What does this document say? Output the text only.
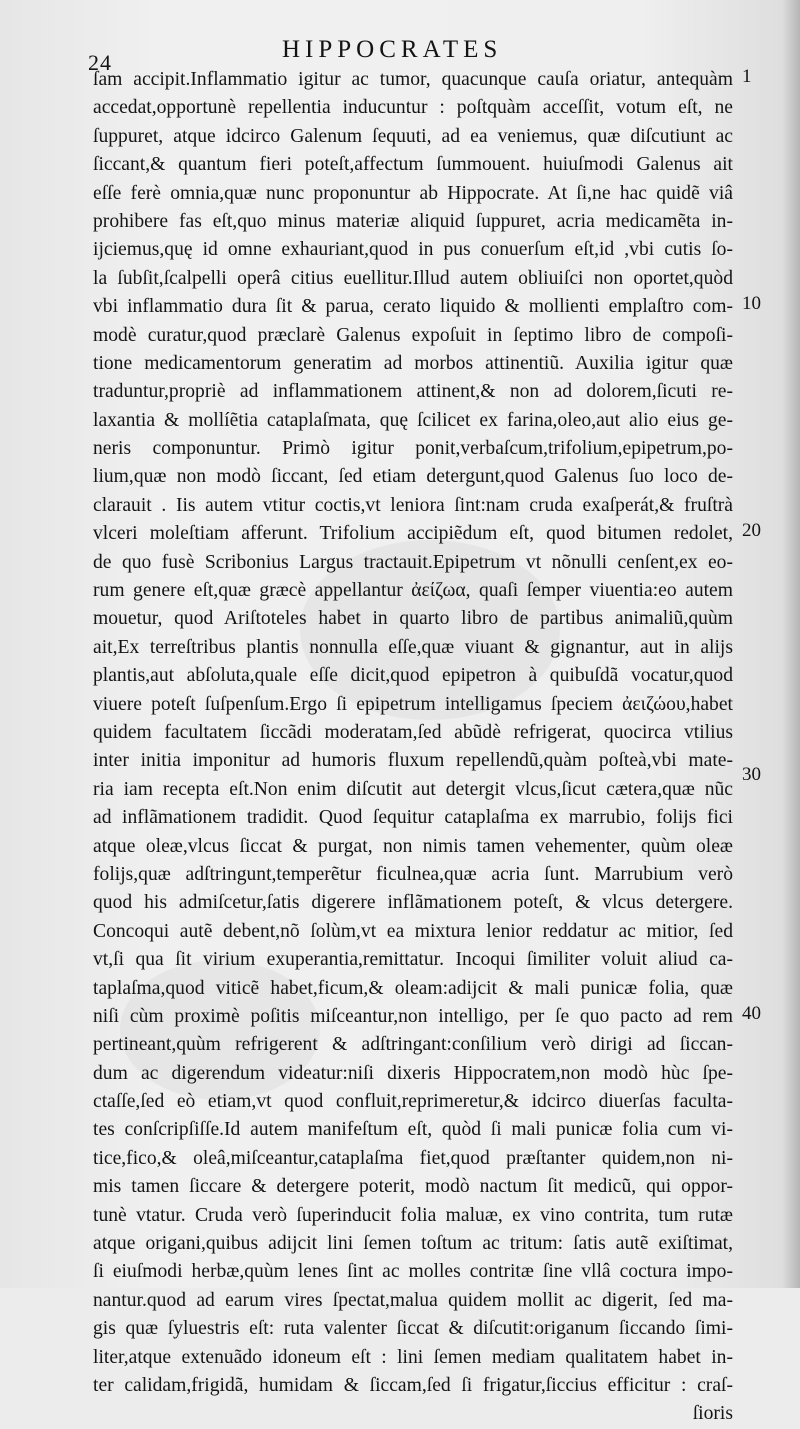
24	HIPPOCRATES
ſam accipit.Inflammatio igitur ac tumor, quacunque cauſa oriatur, antequàm
accedat,opportunè repellentia inducuntur : poſtquàm acceſſit, votum eſt, ne
ſuppuret, atque idcirco Galenum ſequuti, ad ea veniemus, quæ diſcutiunt ac
ſiccant,& quantum fieri poteſt,affectum ſummouent. huiuſmodi Galenus ait
eſſe ferè omnia,quæ nunc proponuntur ab Hippocrate. At ſi,ne hac quidẽ viâ
prohibere fas eſt,quo minus materiæ aliquid ſuppuret, acria medicamẽta in-
ijciemus,quę id omne exhauriant,quod in pus conuerſum eſt,id ,vbi cutis ſo-
la ſubſit,ſcalpelli operâ citius euellitur.Illud autem obliuiſci non oportet,quòd
vbi inflammatio dura ſit & parua, cerato liquido & mollienti emplaſtro com-
modè curatur,quod præclarè Galenus expoſuit in ſeptimo libro de compoſi-
tione medicamentorum generatim ad morbos attinentiũ. Auxilia igitur quæ
traduntur,propriè ad inflammationem attinent,& non ad dolorem,ſicuti re-
laxantia & mollíẽtia cataplaſmata, quę ſcilicet ex farina,oleo,aut alio eius ge-
neris componuntur. Primò igitur ponit,verbaſcum,trifolium,epipetrum,po-
lium,quæ non modò ſiccant, ſed etiam detergunt,quod Galenus ſuo loco de-
clarauit . Iis autem vtitur coctis,vt leniora ſint:nam cruda exaſperát,& fruſtrà
vlceri moleſtiam afferunt. Trifolium accipiẽdum eſt, quod bitumen redolet,
de quo fusè Scribonius Largus tractauit.Epipetrum vt nõnulli cenſent,ex eo-
rum genere eſt,quæ græcè appellantur ἀείζωα, quaſi ſemper viuentia:eo autem
mouetur, quod Ariſtoteles habet in quarto libro de partibus animaliũ,quùm
ait,Ex terreſtribus plantis nonnulla eſſe,quæ viuant & gignantur, aut in alijs
plantis,aut abſoluta,quale eſſe dicit,quod epipetron à quibuſdã vocatur,quod
viuere poteſt ſuſpenſum.Ergo ſi epipetrum intelligamus ſpeciem ἀειζώου,habet
quidem facultatem ſiccãdi moderatam,ſed abũdè refrigerat, quocirca vtilius
inter initia imponitur ad humoris fluxum repellendũ,quàm poſteà,vbi mate-
ria iam recepta eſt.Non enim diſcutit aut detergit vlcus,ſicut cætera,quæ nũc
ad inflãmationem tradidit. Quod ſequitur cataplaſma ex marrubio, folijs fici
atque oleæ,vlcus ſiccat & purgat, non nimis tamen vehementer, quùm oleæ
folijs,quæ adſtringunt,temperẽtur ficulnea,quæ acria ſunt. Marrubium verò
quod his admiſcetur,ſatis digerere inflãmationem poteſt, & vlcus detergere.
Concoqui autẽ debent,nõ ſolùm,vt ea mixtura lenior reddatur ac mitior, ſed
vt,ſi qua ſit virium exuperantia,remittatur. Incoqui ſimiliter voluit aliud ca-
taplaſma,quod viticẽ habet,ficum,& oleam:adijcit & mali punicæ folia, quæ
niſi cùm proximè poſitis miſceantur,non intelligo, per ſe quo pacto ad rem
pertineant,quùm refrigerent & adſtringant:conſilium verò dirigi ad ſiccan-
dum ac digerendum videatur:niſi dixeris Hippocratem,non modò hùc ſpe-
ctaſſe,ſed eò etiam,vt quod confluit,reprimeretur,& idcirco diuerſas faculta-
tes conſcripſiſſe.Id autem manifeſtum eſt, quòd ſi mali punicæ folia cum vi-
tice,fico,& oleâ,miſceantur,cataplaſma fiet,quod præſtanter quidem,non ni-
mis tamen ſiccare & detergere poterit, modò nactum ſit medicũ, qui oppor-
tunè vtatur. Cruda verò ſuperinducit folia maluæ, ex vino contrita, tum rutæ
atque origani,quibus adijcit lini ſemen toſtum ac tritum: ſatis autẽ exiſtimat,
ſi eiuſmodi herbæ,quùm lenes ſint ac molles contritæ ſine vllâ coctura impo-
nantur.quod ad earum vires ſpectat,malua quidem mollit ac digerit, ſed ma-
gis quæ ſyluestris eſt: ruta valenter ſiccat & diſcutit:origanum ſiccando ſimi-
liter,atque extenuãdo idoneum eſt : lini ſemen mediam qualitatem habet in-
ter calidam,frigidã, humidam & ſiccam,ſed ſi frigatur,ſiccius efficitur : craſ-
ſioris
1
10
20
30
40
